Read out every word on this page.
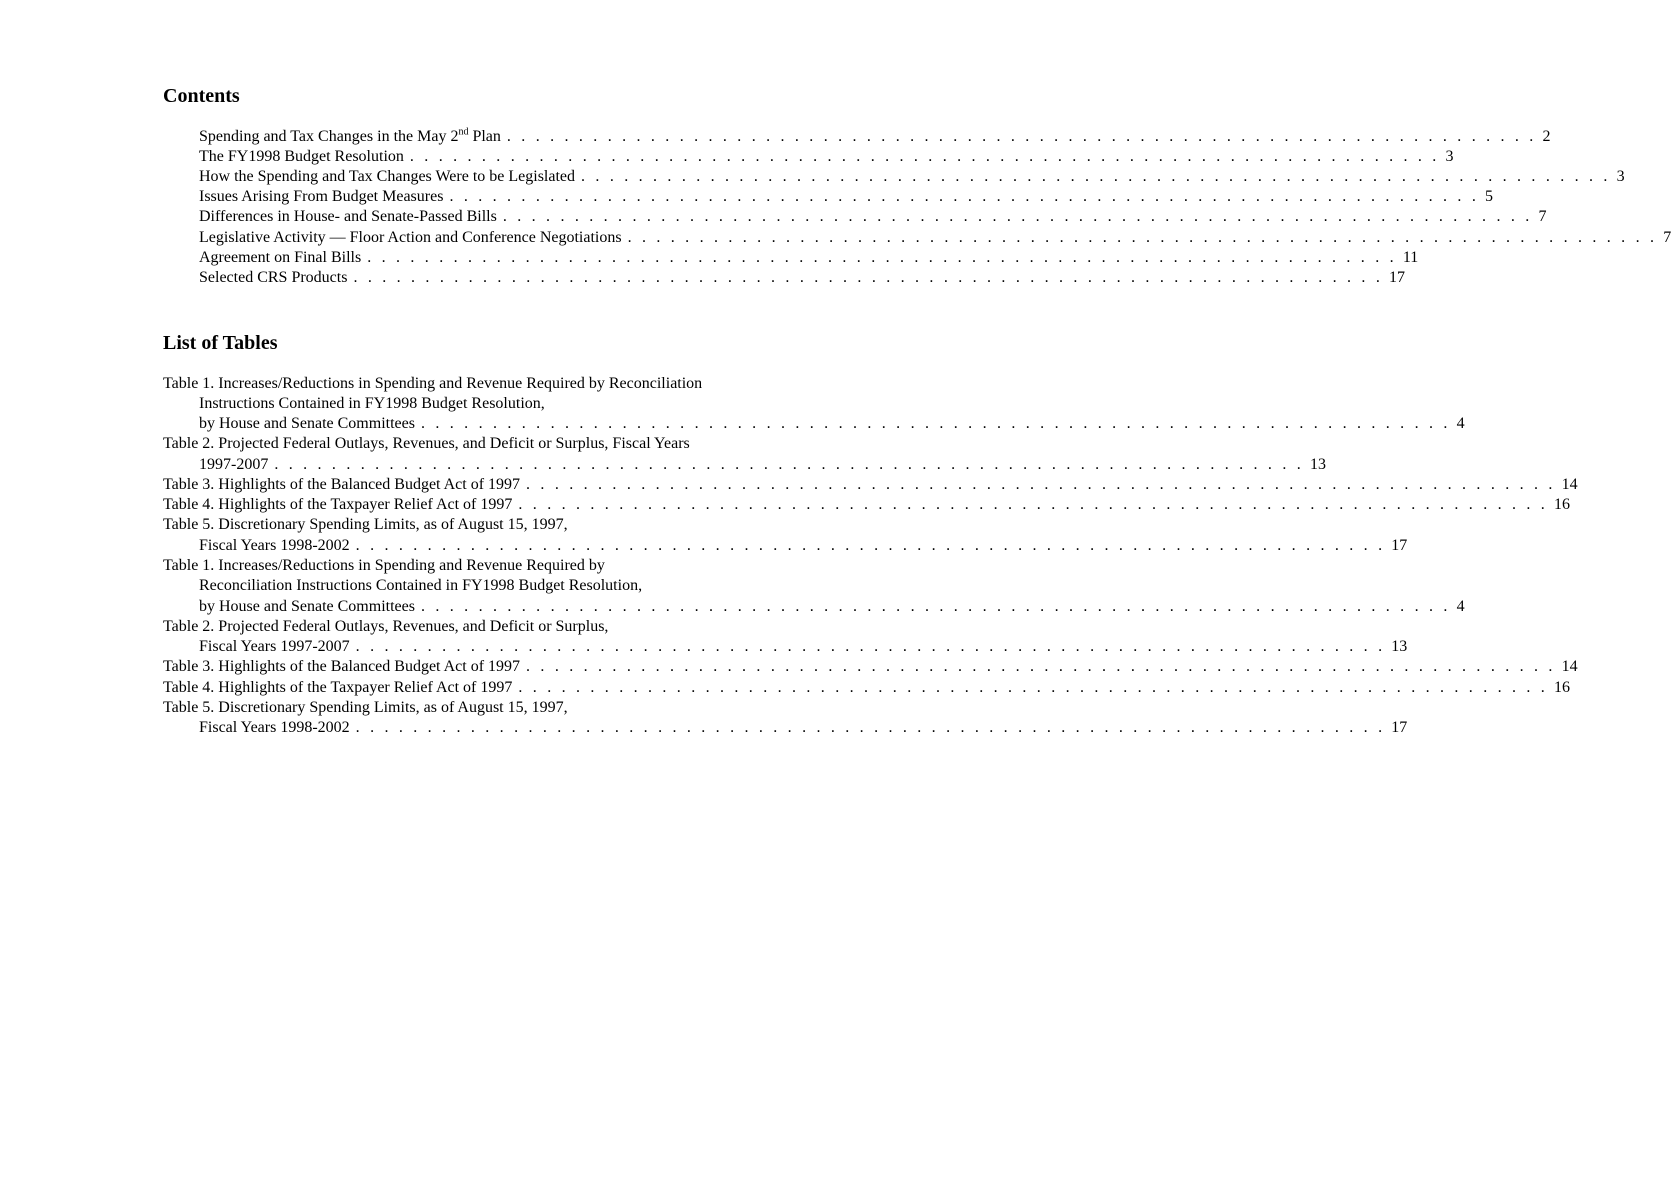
Contents
Spending and Tax Changes in the May 2nd Plan . . . . . . . . . . . . . . . . . . . . . . . . . . . . . . . . . . . . . . . . . . . . . . . . . . . . . . . . . . . . . . . . . . . . . . . . 2
The FY1998 Budget Resolution . . . . . . . . . . . . . . . . . . . . . . . . . . . . . . . . . . . . . . . . . . . . . . . . . . . . . . . . . . . . . . . . . . . . . . . . 3
How the Spending and Tax Changes Were to be Legislated . . . . . . . . . . . . . . . . . . . . . . . . . . . . . . . . . . . . . . . . . . . . . . . . . . . . . . . . . . . . . . . . . . . . . . . . 3
Issues Arising From Budget Measures . . . . . . . . . . . . . . . . . . . . . . . . . . . . . . . . . . . . . . . . . . . . . . . . . . . . . . . . . . . . . . . . . . . . . . . . 5
Differences in House- and Senate-Passed Bills . . . . . . . . . . . . . . . . . . . . . . . . . . . . . . . . . . . . . . . . . . . . . . . . . . . . . . . . . . . . . . . . . . . . . . . . 7
Legislative Activity — Floor Action and Conference Negotiations . . . . . . . . . . . . . . . . . . . . . . . . . . . . . . . . . . . . . . . . . . . . . . . . . . . . . . . . . . . . . . . . . . . . . . . . 7
Agreement on Final Bills . . . . . . . . . . . . . . . . . . . . . . . . . . . . . . . . . . . . . . . . . . . . . . . . . . . . . . . . . . . . . . . . . . . . . . . . 11
Selected CRS Products . . . . . . . . . . . . . . . . . . . . . . . . . . . . . . . . . . . . . . . . . . . . . . . . . . . . . . . . . . . . . . . . . . . . . . . . 17
List of Tables
Table 1. Increases/Reductions in Spending and Revenue Required by Reconciliation
Instructions Contained in FY1998 Budget Resolution,
by House and Senate Committees . . . . . . . . . . . . . . . . . . . . . . . . . . . . . . . . . . . . . . . . . . . . . . . . . . . . . . . . . . . . . . . . . . . . . . . . 4
Table 2. Projected Federal Outlays, Revenues, and Deficit or Surplus, Fiscal Years
1997-2007 . . . . . . . . . . . . . . . . . . . . . . . . . . . . . . . . . . . . . . . . . . . . . . . . . . . . . . . . . . . . . . . . . . . . . . . . 13
Table 3. Highlights of the Balanced Budget Act of 1997 . . . . . . . . . . . . . . . . . . . . . . . . . . . . . . . . . . . . . . . . . . . . . . . . . . . . . . . . . . . . . . . . . . . . . . . . 14
Table 4. Highlights of the Taxpayer Relief Act of 1997 . . . . . . . . . . . . . . . . . . . . . . . . . . . . . . . . . . . . . . . . . . . . . . . . . . . . . . . . . . . . . . . . . . . . . . . . 16
Table 5. Discretionary Spending Limits, as of August 15, 1997,
Fiscal Years 1998-2002 . . . . . . . . . . . . . . . . . . . . . . . . . . . . . . . . . . . . . . . . . . . . . . . . . . . . . . . . . . . . . . . . . . . . . . . . 17
Table 1. Increases/Reductions in Spending and Revenue Required by
Reconciliation Instructions Contained in FY1998 Budget Resolution,
by House and Senate Committees . . . . . . . . . . . . . . . . . . . . . . . . . . . . . . . . . . . . . . . . . . . . . . . . . . . . . . . . . . . . . . . . . . . . . . . . 4
Table 2. Projected Federal Outlays, Revenues, and Deficit or Surplus,
Fiscal Years 1997-2007 . . . . . . . . . . . . . . . . . . . . . . . . . . . . . . . . . . . . . . . . . . . . . . . . . . . . . . . . . . . . . . . . . . . . . . . . 13
Table 3. Highlights of the Balanced Budget Act of 1997 . . . . . . . . . . . . . . . . . . . . . . . . . . . . . . . . . . . . . . . . . . . . . . . . . . . . . . . . . . . . . . . . . . . . . . . . 14
Table 4. Highlights of the Taxpayer Relief Act of 1997 . . . . . . . . . . . . . . . . . . . . . . . . . . . . . . . . . . . . . . . . . . . . . . . . . . . . . . . . . . . . . . . . . . . . . . . . 16
Table 5. Discretionary Spending Limits, as of August 15, 1997,
Fiscal Years 1998-2002 . . . . . . . . . . . . . . . . . . . . . . . . . . . . . . . . . . . . . . . . . . . . . . . . . . . . . . . . . . . . . . . . . . . . . . . . 17
